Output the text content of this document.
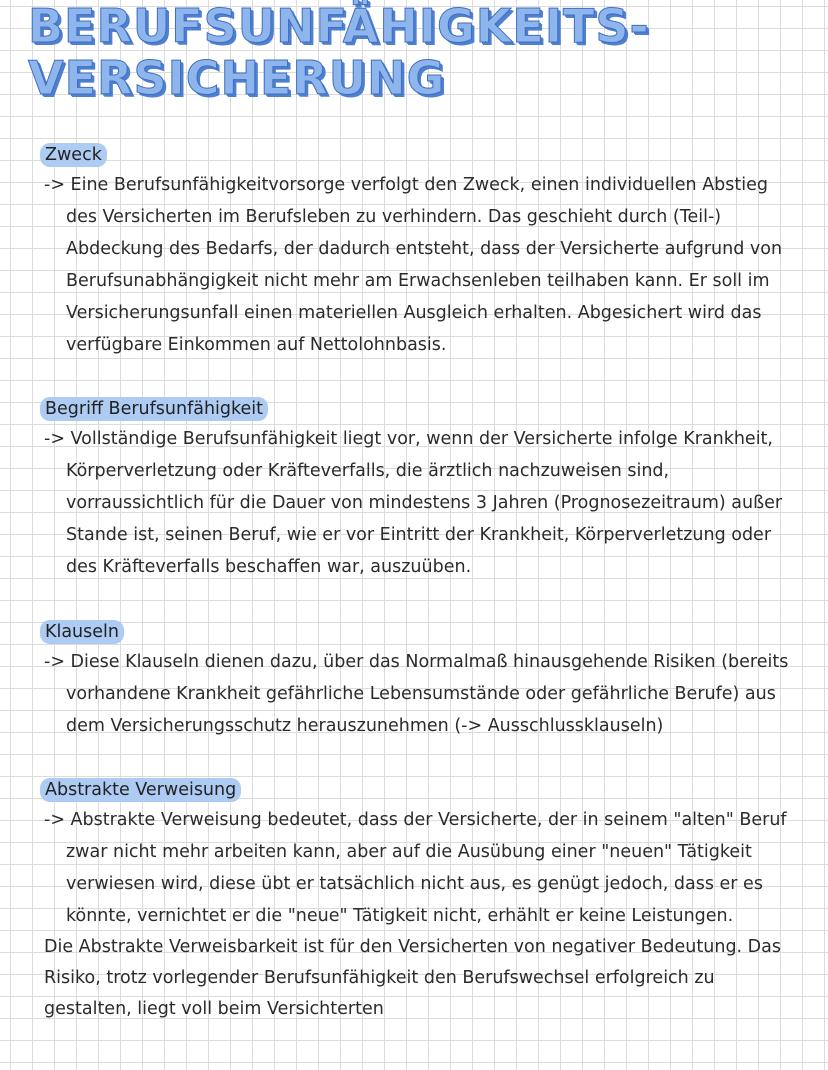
BERUFSUNFÄHIGKEITS-
VERSICHERUNG
Zweck

-> Eine Berufsunfähigkeitvorsorge verfolgt den Zweck, einen individuellen Abstieg des Versicherten im Berufsleben zu verhindern. Das geschieht durch (Teil-) Abdeckung des Bedarfs, der dadurch entsteht, dass der Versicherte aufgrund von Berufsunabhängigkeit nicht mehr am Erwachsenleben teilhaben kann. Er soll im Versicherungsunfall einen materiellen Ausgleich erhalten. Abgesichert wird das verfügbare Einkommen auf Nettolohnbasis.

Begriff Berufsunfähigkeit

-> Vollständige Berufsunfähigkeit liegt vor, wenn der Versicherte infolge Krankheit, Körperverletzung oder Kräfteverfalls, die ärztlich nachzuweisen sind, vorraussichtlich für die Dauer von mindestens 3 Jahren (Prognosezeitraum) außer Stande ist, seinen Beruf, wie er vor Eintritt der Krankheit, Körperverletzung oder des Kräfteverfalls beschaffen war, auszuüben.

Klauseln

-> Diese Klauseln dienen dazu, über das Normalmaß hinausgehende Risiken (bereits vorhandene Krankheit gefährliche Lebensumstände oder gefährliche Berufe) aus dem Versicherungsschutz herauszunehmen (-> Ausschlussklauseln)

Abstrakte Verweisung

-> Abstrakte Verweisung bedeutet, dass der Versicherte, der in seinem "alten" Beruf zwar nicht mehr arbeiten kann, aber auf die Ausübung einer "neuen" Tätigkeit verwiesen wird, diese übt er tatsächlich nicht aus, es genügt jedoch, dass er es könnte, vernichtet er die "neue" Tätigkeit nicht, erhählt er keine Leistungen.

Die Abstrakte Verweisbarkeit ist für den Versicherten von negativer Bedeutung. Das Risiko, trotz vorlegender Berufsunfähigkeit den Berufswechsel erfolgreich zu gestalten, liegt voll beim Versichterten
